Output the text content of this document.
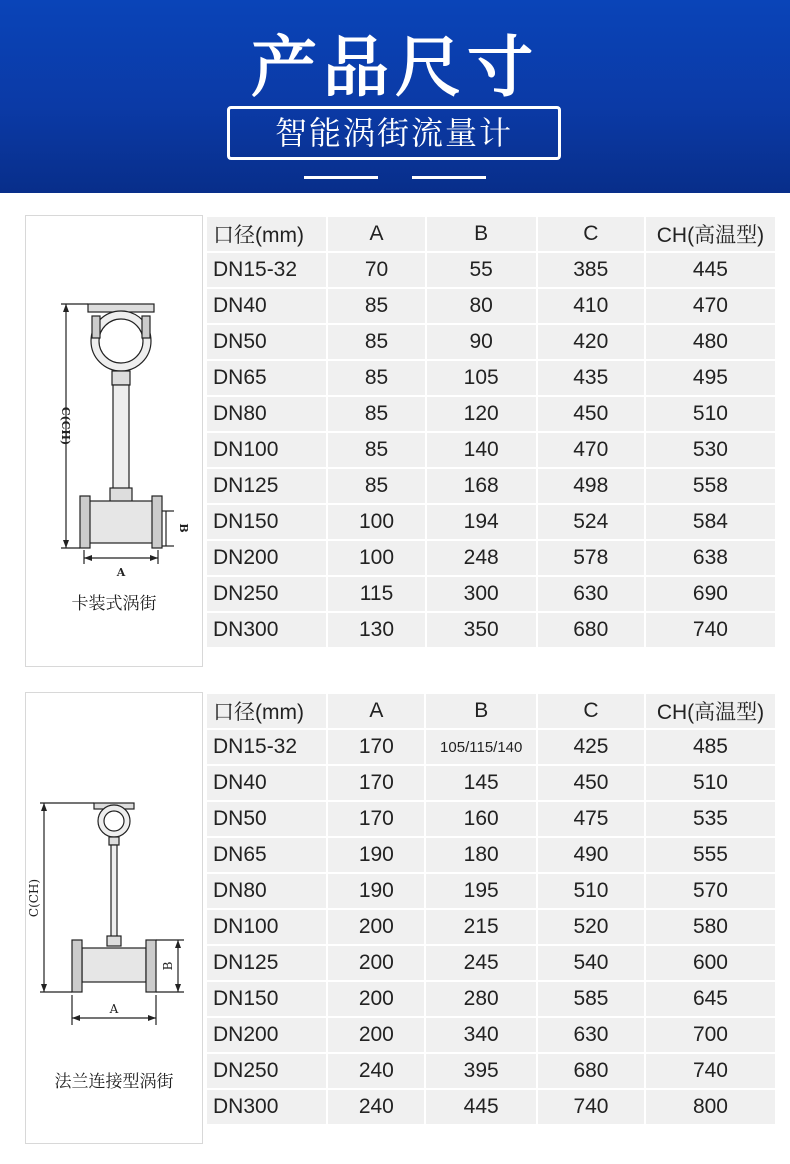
产品尺寸
智能涡街流量计
C(CH)
B
A
卡装式涡街
口径(mm)	A	B	C	CH(高温型)
DN15-32	70	55	385	445
DN40	85	80	410	470
DN50	85	90	420	480
DN65	85	105	435	495
DN80	85	120	450	510
DN100	85	140	470	530
DN125	85	168	498	558
DN150	100	194	524	584
DN200	100	248	578	638
DN250	115	300	630	690
DN300	130	350	680	740
C(CH)
B
A
法兰连接型涡街
口径(mm)	A	B	C	CH(高温型)
DN15-32	170	105/115/140	425	485
DN40	170	145	450	510
DN50	170	160	475	535
DN65	190	180	490	555
DN80	190	195	510	570
DN100	200	215	520	580
DN125	200	245	540	600
DN150	200	280	585	645
DN200	200	340	630	700
DN250	240	395	680	740
DN300	240	445	740	800
